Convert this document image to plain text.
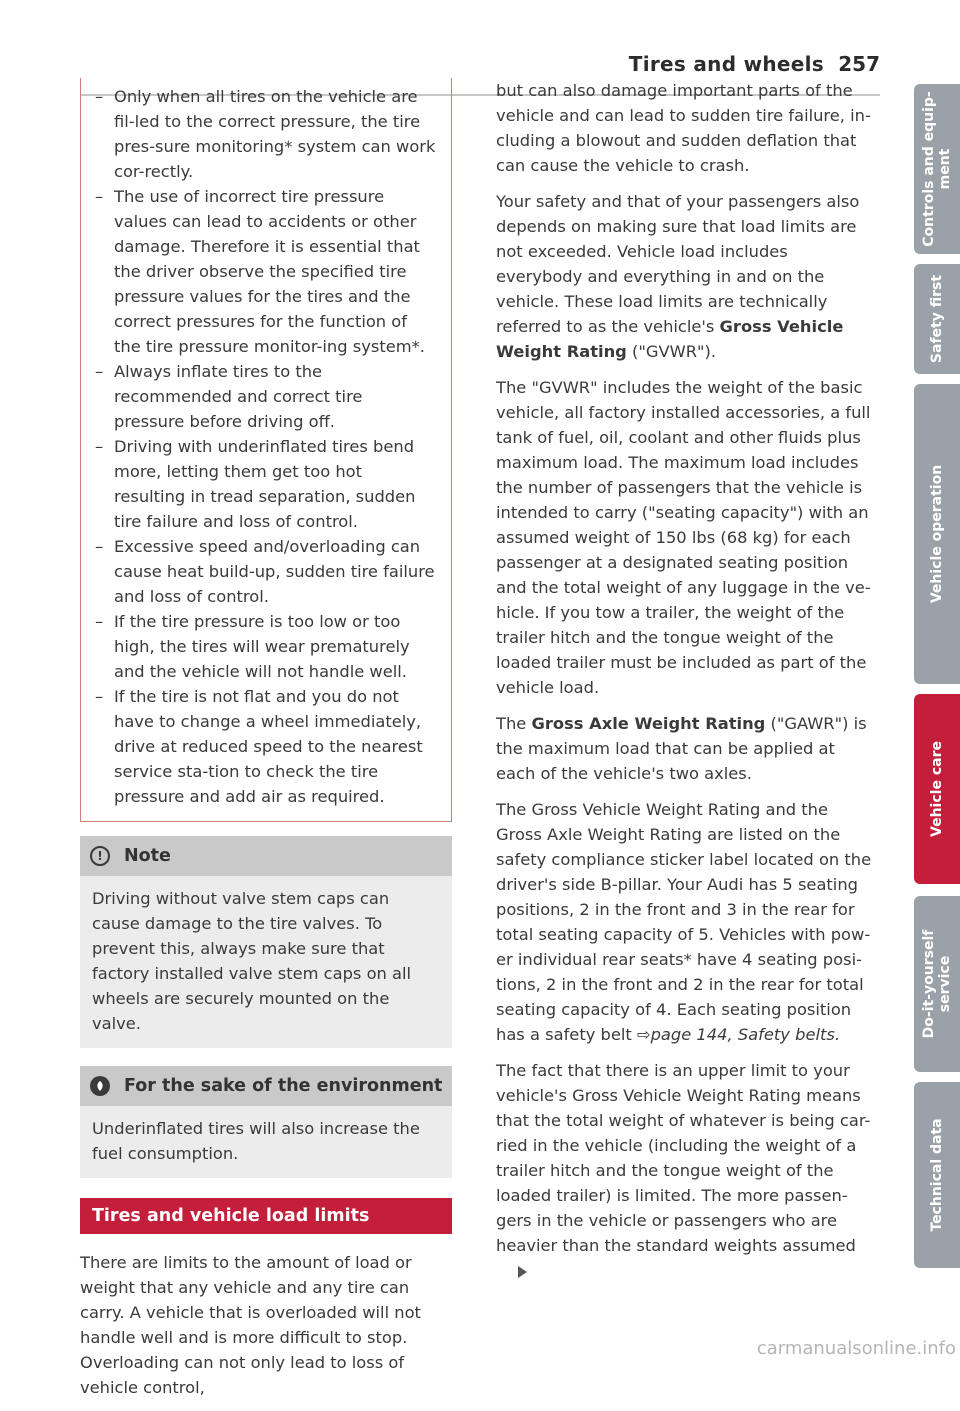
Tires and wheels 257
– Only when all tires on the vehicle are fil-led to the correct pressure, the tire pres-sure monitoring* system can work cor-rectly.
– The use of incorrect tire pressure values can lead to accidents or other damage. Therefore it is essential that the driver observe the specified tire pressure values for the tires and the correct pressures for the function of the tire pressure monitor-ing system*.
– Always inflate tires to the recommended and correct tire pressure before driving off.
– Driving with underinflated tires bend more, letting them get too hot resulting in tread separation, sudden tire failure and loss of control.
– Excessive speed and/overloading can cause heat build-up, sudden tire failure and loss of control.
– If the tire pressure is too low or too high, the tires will wear prematurely and the vehicle will not handle well.
– If the tire is not flat and you do not have to change a wheel immediately, drive at reduced speed to the nearest service sta-tion to check the tire pressure and add air as required.
!	Note
Driving without valve stem caps can cause damage to the tire valves. To prevent this, always make sure that factory installed valve stem caps on all wheels are securely mounted on the valve.
For the sake of the environment
Underinflated tires will also increase the fuel consumption.
Tires and vehicle load limits

There are limits to the amount of load or weight that any vehicle and any tire can carry. A vehicle that is overloaded will not handle well and is more difficult to stop. Overloading can not only lead to loss of vehicle control,

but can also damage important parts of the vehicle and can lead to sudden tire failure, in-cluding a blowout and sudden deflation that can cause the vehicle to crash.

Your safety and that of your passengers also depends on making sure that load limits are not exceeded. Vehicle load includes everybody and everything in and on the vehicle. These load limits are technically referred to as the vehicle's Gross Vehicle Weight Rating ("GVWR").

The "GVWR" includes the weight of the basic vehicle, all factory installed accessories, a full tank of fuel, oil, coolant and other fluids plus maximum load. The maximum load includes the number of passengers that the vehicle is intended to carry ("seating capacity") with an assumed weight of 150 lbs (68 kg) for each passenger at a designated seating position and the total weight of any luggage in the ve-hicle. If you tow a trailer, the weight of the trailer hitch and the tongue weight of the loaded trailer must be included as part of the vehicle load.

The Gross Axle Weight Rating ("GAWR") is the maximum load that can be applied at each of the vehicle's two axles.

The Gross Vehicle Weight Rating and the Gross Axle Weight Rating are listed on the safety compliance sticker label located on the driver's side B-pillar. Your Audi has 5 seating positions, 2 in the front and 3 in the rear for total seating capacity of 5. Vehicles with pow-er individual rear seats* have 4 seating posi-tions, 2 in the front and 2 in the rear for total seating capacity of 4. Each seating position has a safety belt ⇨page 144, Safety belts.

The fact that there is an upper limit to your vehicle's Gross Vehicle Weight Rating means that the total weight of whatever is being car-ried in the vehicle (including the weight of a trailer hitch and the tongue weight of the loaded trailer) is limited. The more passen-gers in the vehicle or passengers who are heavier than the standard weights assumed

Controls and equip-
ment
Safety first
Vehicle operation
Vehicle care
Do-it-yourself
service
Technical data
carmanualsonline.info
